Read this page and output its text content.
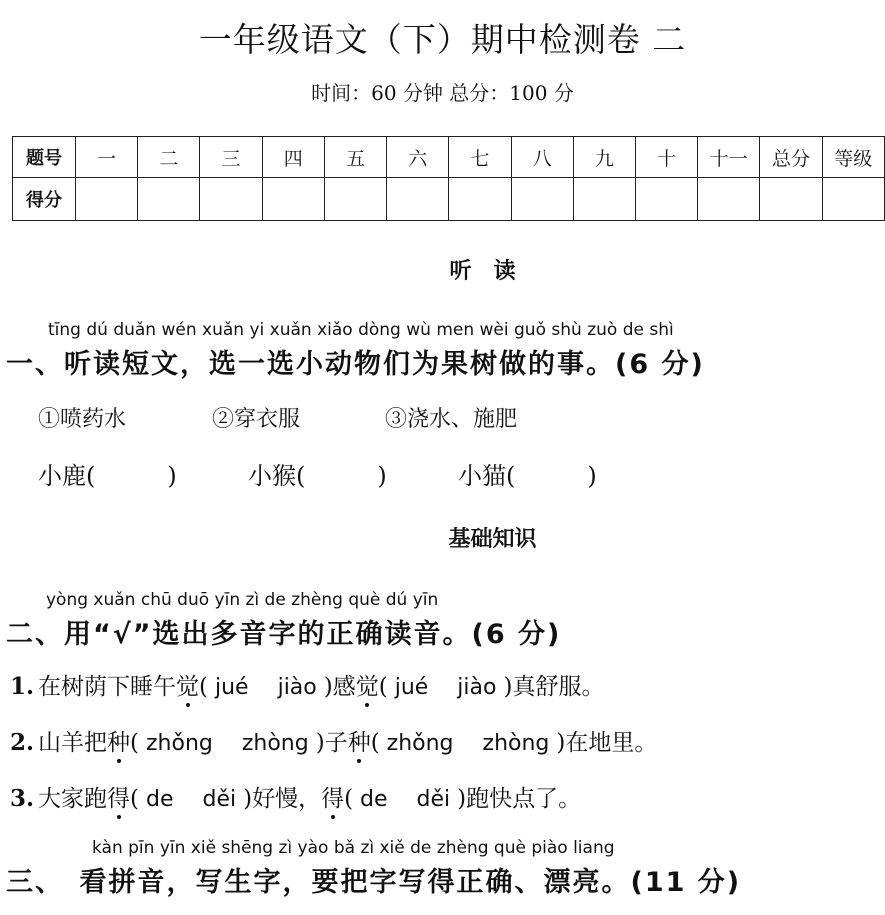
一年级语文（下）期中检测卷 二
时间：60 分钟 总分：100 分
题号	一	二	三	四	五	六	七	八	九	十	十一	总分	等级
得分													
听　读
tīng dú duǎn wén xuǎn yi xuǎn xiǎo dòng wù men wèi guǒ shù zuò de shì
一、听读短文，选一选小动物们为果树做的事。(6 分)
①喷药水	②穿衣服	③浇水、施肥
小鹿(　　　)	小猴(　　　)	小猫(　　　)
基础知识
yòng xuǎn chū duō yīn zì de zhèng què dú yīn
二、用“√”选出多音字的正确读音。(6 分)
1. 在树荫下睡午觉( jué　 jiào )感觉( jué　 jiào )真舒服。
2. 山羊把种( zhǒng　 zhòng )子种( zhǒng　 zhòng )在地里。
3. 大家跑得( de　 děi )好慢，得( de　 děi )跑快点了。
kàn pīn yīn xiě shēng zì yào bǎ zì xiě de zhèng què piào liang
三、　看拼音，写生字，要把字写得正确、漂亮。(11 分)
